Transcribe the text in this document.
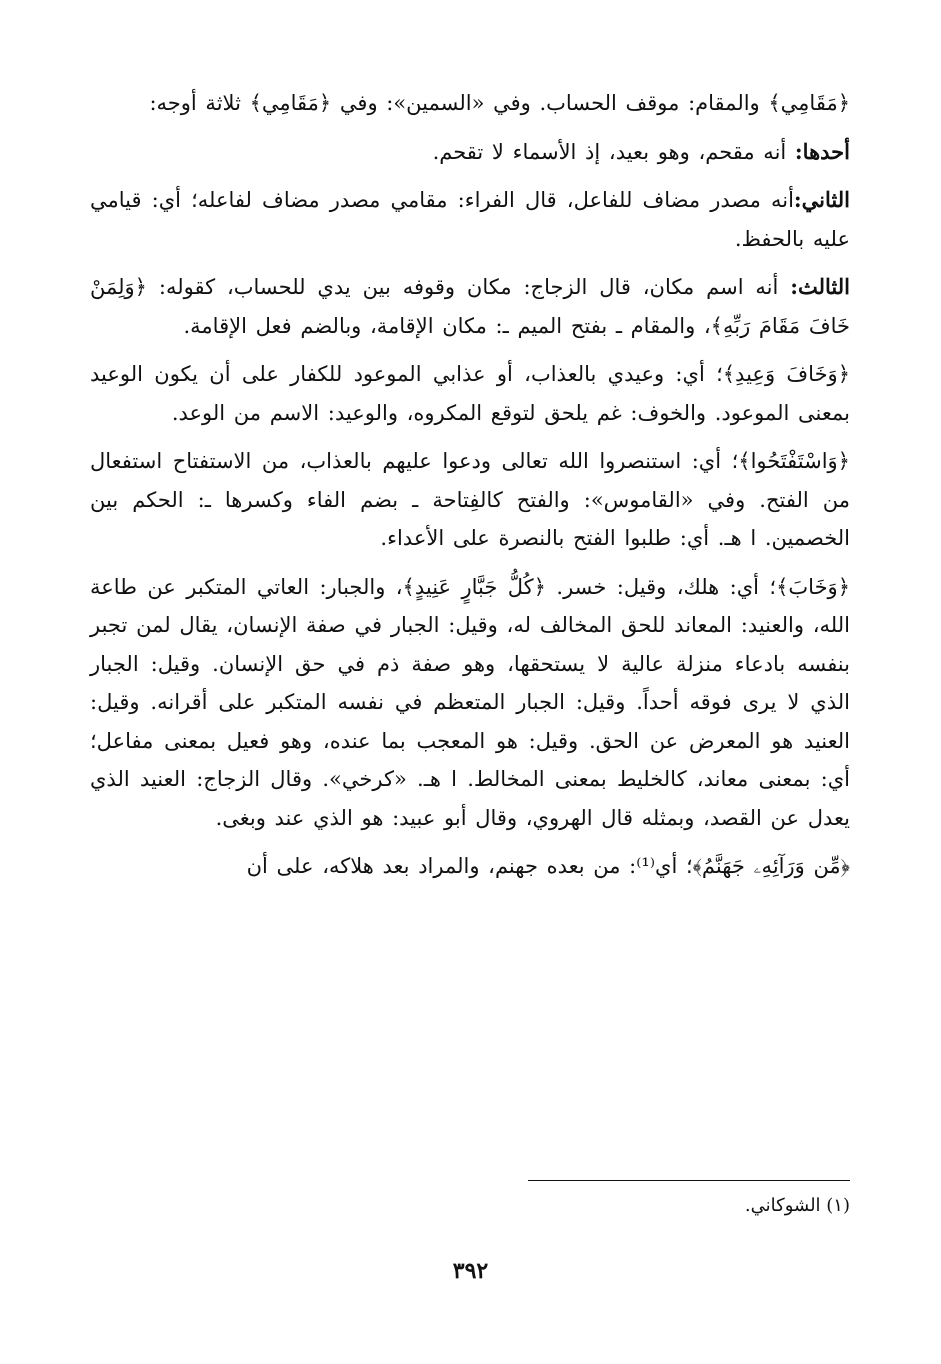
﴿مَقَامِي﴾ والمقام: موقف الحساب. وفي «السمين»: وفي ﴿مَقَامِي﴾ ثلاثة أوجه:

أحدها: أنه مقحم، وهو بعيد، إذ الأسماء لا تقحم.

الثاني:أنه مصدر مضاف للفاعل، قال الفراء: مقامي مصدر مضاف لفاعله؛ أي: قيامي عليه بالحفظ.

الثالث: أنه اسم مكان، قال الزجاج: مكان وقوفه بين يدي للحساب، كقوله: ﴿وَلِمَنْ خَافَ مَقَامَ رَبِّهِ﴾، والمقام ـ بفتح الميم ـ: مكان الإقامة، وبالضم فعل الإقامة.

﴿وَخَافَ وَعِيدِ﴾؛ أي: وعيدي بالعذاب، أو عذابي الموعود للكفار على أن يكون الوعيد بمعنى الموعود. والخوف: غم يلحق لتوقع المكروه، والوعيد: الاسم من الوعد.

﴿وَاسْتَفْتَحُوا﴾؛ أي: استنصروا الله تعالى ودعوا عليهم بالعذاب، من الاستفتاح استفعال من الفتح. وفي «القاموس»: والفتح كالفِتاحة ـ بضم الفاء وكسرها ـ: الحكم بين الخصمين. ا هـ. أي: طلبوا الفتح بالنصرة على الأعداء.

﴿وَخَابَ﴾؛ أي: هلك، وقيل: خسر. ﴿كُلُّ جَبَّارٍ عَنِيدٍ﴾، والجبار: العاتي المتكبر عن طاعة الله، والعنيد: المعاند للحق المخالف له، وقيل: الجبار في صفة الإنسان، يقال لمن تجبر بنفسه بادعاء منزلة عالية لا يستحقها، وهو صفة ذم في حق الإنسان. وقيل: الجبار الذي لا يرى فوقه أحداً. وقيل: الجبار المتعظم في نفسه المتكبر على أقرانه. وقيل: العنيد هو المعرض عن الحق. وقيل: هو المعجب بما عنده، وهو فعيل بمعنى مفاعل؛ أي: بمعنى معاند، كالخليط بمعنى المخالط. ا هـ. «كرخي». وقال الزجاج: العنيد الذي يعدل عن القصد، وبمثله قال الهروي، وقال أبو عبيد: هو الذي عند وبغى.

﴿مِّن وَرَآئِهِۦ جَهَنَّمُ﴾؛ أي⁽¹⁾: من بعده جهنم، والمراد بعد هلاكه، على أن

(١) الشوكاني.
٣٩٢
